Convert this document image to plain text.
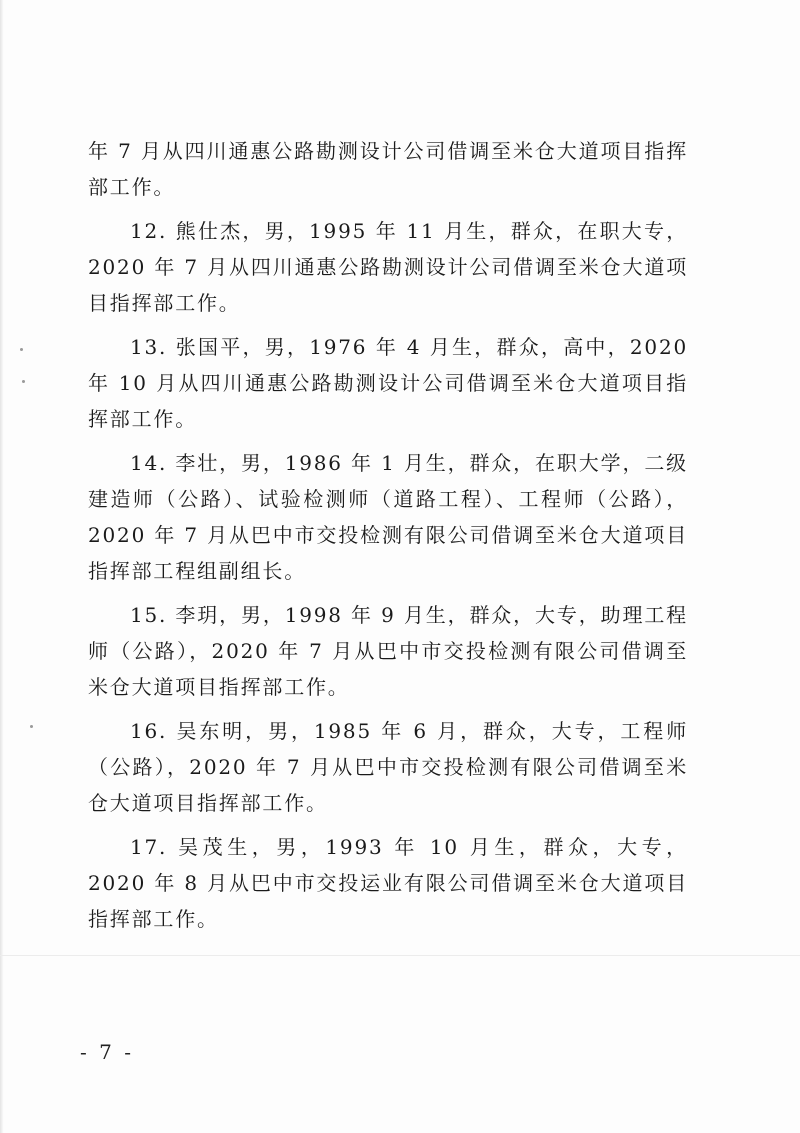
年 7 月从四川通惠公路勘测设计公司借调至米仓大道项目指挥部工作。

12. 熊仕杰，男，1995 年 11 月生，群众，在职大专，2020 年 7 月从四川通惠公路勘测设计公司借调至米仓大道项目指挥部工作。

13. 张国平，男，1976 年 4 月生，群众，高中，2020 年 10 月从四川通惠公路勘测设计公司借调至米仓大道项目指挥部工作。

14. 李壮，男，1986 年 1 月生，群众，在职大学，二级建造师（公路）、试验检测师（道路工程）、工程师（公路），2020 年 7 月从巴中市交投检测有限公司借调至米仓大道项目指挥部工程组副组长。

15. 李玥，男，1998 年 9 月生，群众，大专，助理工程师（公路），2020 年 7 月从巴中市交投检测有限公司借调至米仓大道项目指挥部工作。

16. 吴东明，男，1985 年 6 月，群众，大专，工程师（公路），2020 年 7 月从巴中市交投检测有限公司借调至米仓大道项目指挥部工作。

17. 吴茂生，男，1993 年 10 月生，群众，大专，2020 年 8 月从巴中市交投运业有限公司借调至米仓大道项目指挥部工作。

- 7 -
